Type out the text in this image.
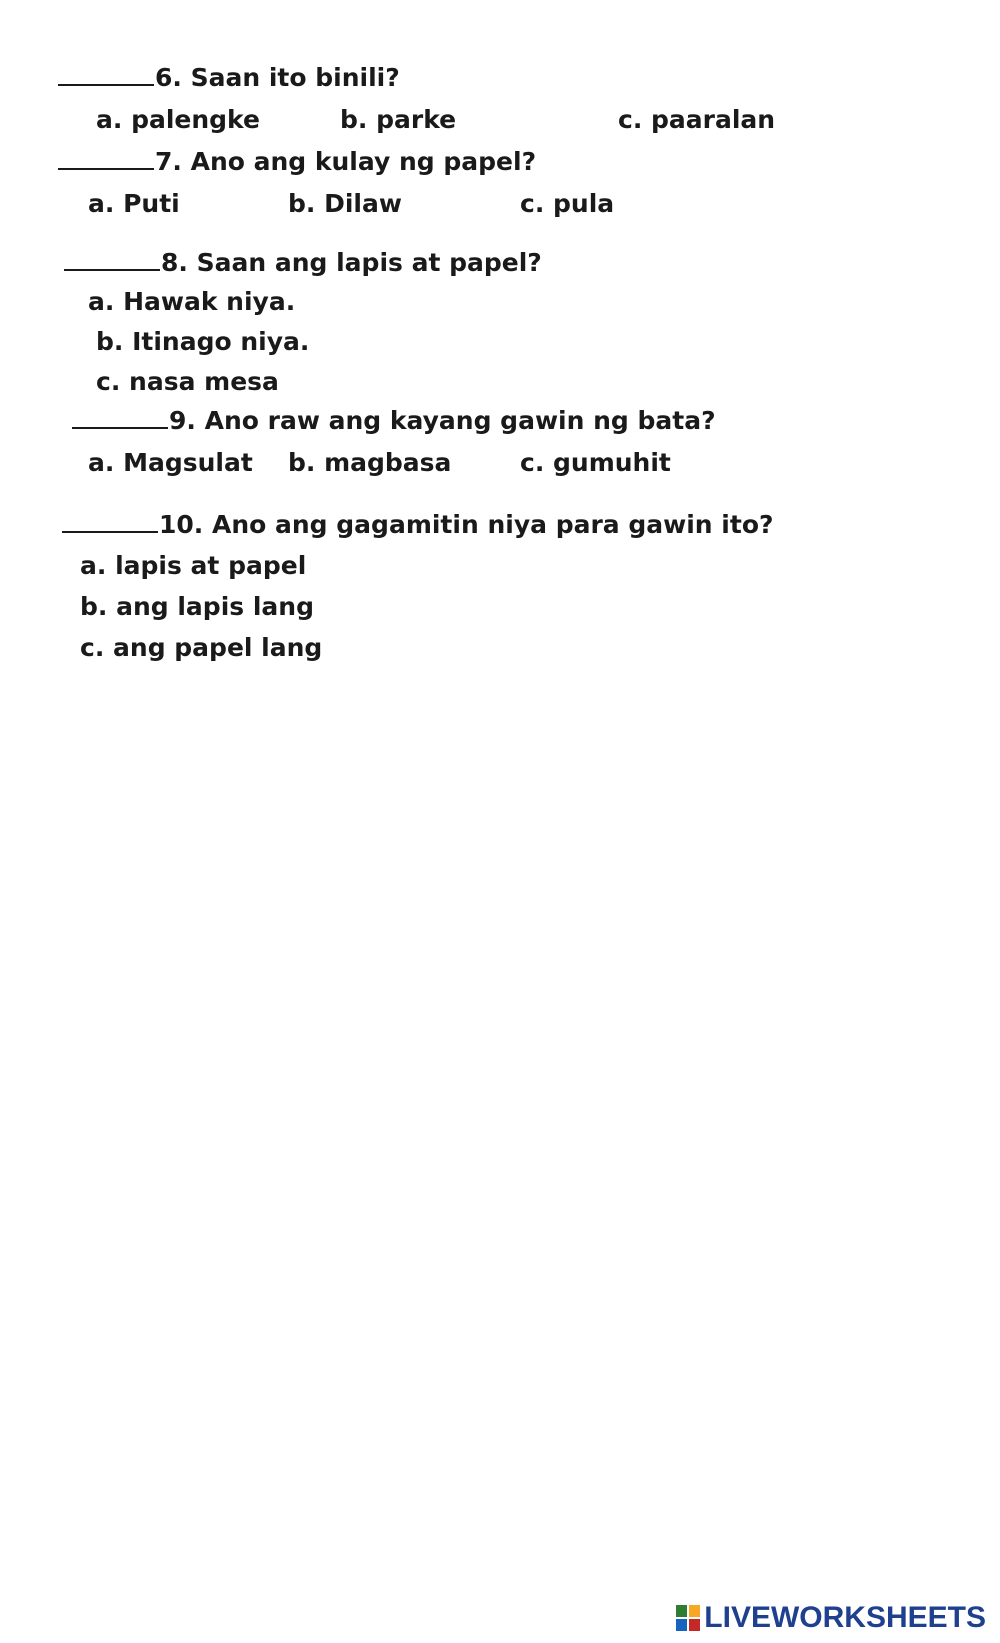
6. Saan ito binili?
a. palengke	b. parke	c. paaralan
7. Ano ang kulay ng papel?
a. Puti	b. Dilaw	c. pula
8. Saan ang lapis at papel?
a. Hawak niya.
b. Itinago niya.
c. nasa mesa
9. Ano raw ang kayang gawin ng bata?
a. Magsulat b. magbasa	c. gumuhit
10. Ano ang gagamitin niya para gawin ito?
a. lapis at papel
b. ang lapis lang
c. ang papel lang
LIVEWORKSHEETS
